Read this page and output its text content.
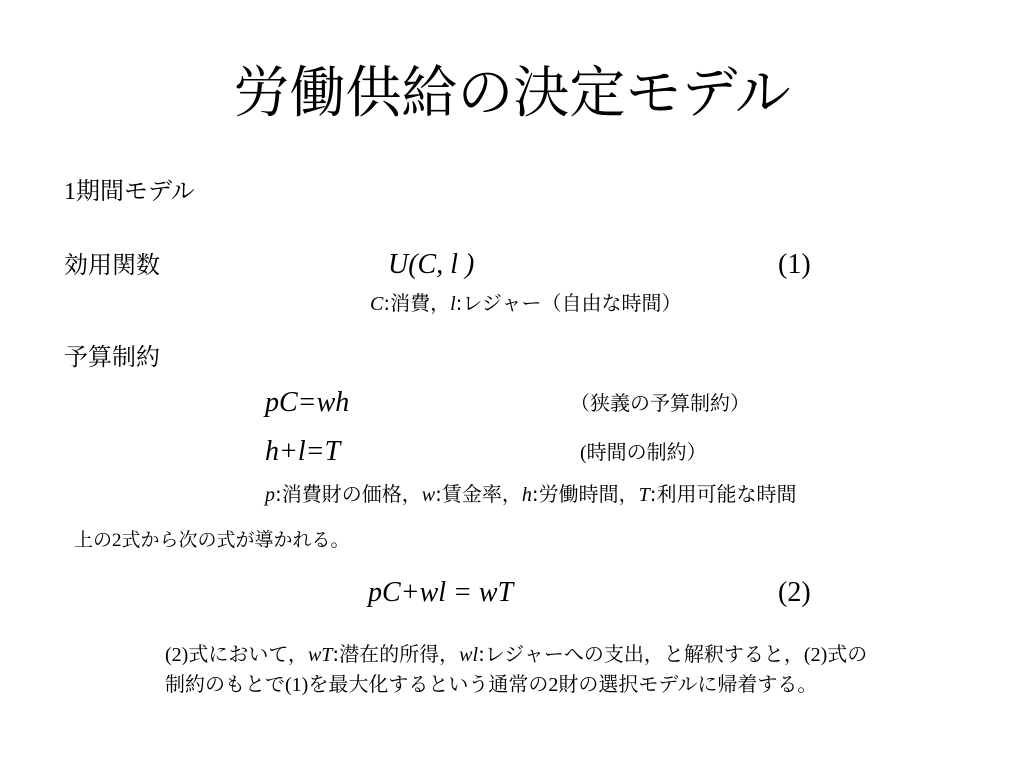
労働供給の決定モデル
1期間モデル
効用関数	U(C, l )	(1)
C:消費，l:レジャー（自由な時間）
予算制約
pC=wh	（狭義の予算制約）
h+l=T	(時間の制約）
p:消費財の価格，w:賃金率，h:労働時間，T:利用可能な時間
上の2式から次の式が導かれる。
pC+wl = wT	(2)
(2)式において，wT:潜在的所得，wl:レジャーへの支出，と解釈すると，(2)式の
制約のもとで(1)を最大化するという通常の2財の選択モデルに帰着する。
